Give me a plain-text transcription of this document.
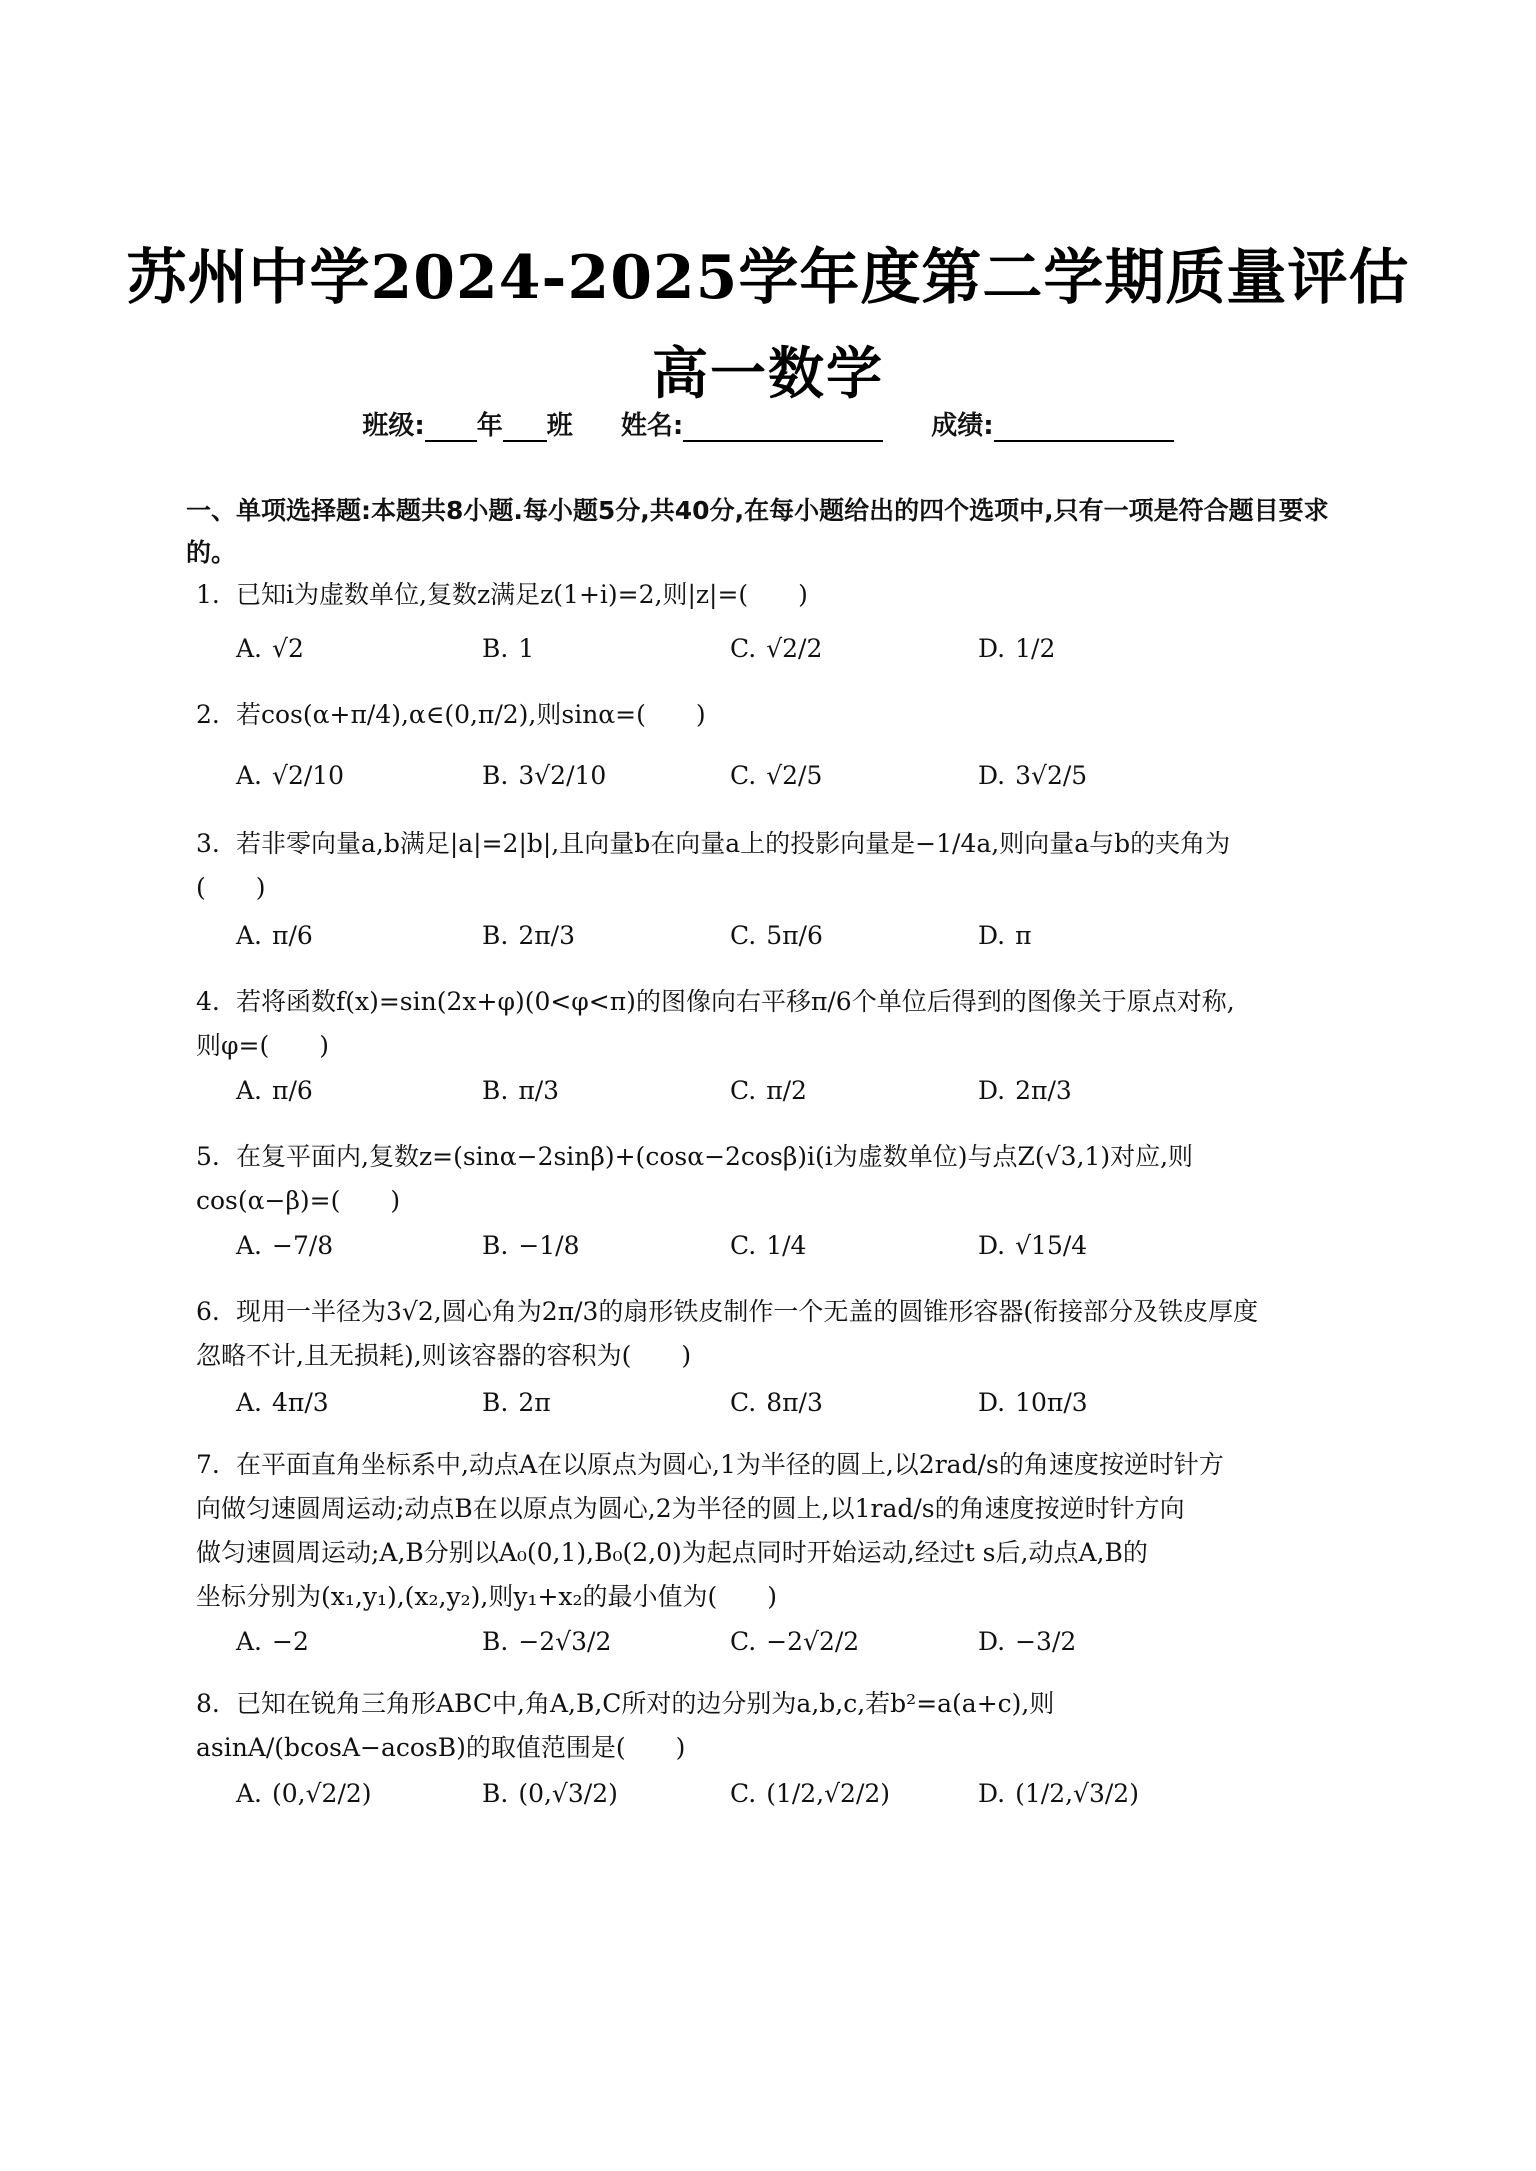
苏州中学2024-2025学年度第二学期质量评估
高一数学
班级: 年 班 姓名:	成绩:
一、单项选择题:本题共8小题.每小题5分,共40分,在每小题给出的四个选项中,只有一项是符合题目要求的。
1. 已知i为虚数单位,复数z满足z(1+i)=2,则|z|=(　　)
A. √2	B. 1	C. √2/2	D. 1/2
2. 若cos(α+π/4),α∈(0,π/2),则sinα=(　　)
A. √2/10	B. 3√2/10	C. √2/5	D. 3√2/5
3. 若非零向量a,b满足|a|=2|b|,且向量b在向量a上的投影向量是−1/4a,则向量a与b的夹角为
(　　)
A. π/6	B. 2π/3	C. 5π/6	D. π
4. 若将函数f(x)=sin(2x+φ)(0<φ<π)的图像向右平移π/6个单位后得到的图像关于原点对称,
则φ=(　　)
A. π/6	B. π/3	C. π/2	D. 2π/3
5. 在复平面内,复数z=(sinα−2sinβ)+(cosα−2cosβ)i(i为虚数单位)与点Z(√3,1)对应,则
cos(α−β)=(　　)
A. −7/8	B. −1/8	C. 1/4	D. √15/4
6. 现用一半径为3√2,圆心角为2π/3的扇形铁皮制作一个无盖的圆锥形容器(衔接部分及铁皮厚度
忽略不计,且无损耗),则该容器的容积为(　　)
A. 4π/3	B. 2π	C. 8π/3	D. 10π/3
7. 在平面直角坐标系中,动点A在以原点为圆心,1为半径的圆上,以2rad/s的角速度按逆时针方
向做匀速圆周运动;动点B在以原点为圆心,2为半径的圆上,以1rad/s的角速度按逆时针方向
做匀速圆周运动;A,B分别以A₀(0,1),B₀(2,0)为起点同时开始运动,经过t s后,动点A,B的
坐标分别为(x₁,y₁),(x₂,y₂),则y₁+x₂的最小值为(　　)
A. −2	B. −2√3/2	C. −2√2/2	D. −3/2
8. 已知在锐角三角形ABC中,角A,B,C所对的边分别为a,b,c,若b²=a(a+c),则
asinA/(bcosA−acosB)的取值范围是(　　)
A. (0,√2/2)	B. (0,√3/2)	C. (1/2,√2/2)	D. (1/2,√3/2)
